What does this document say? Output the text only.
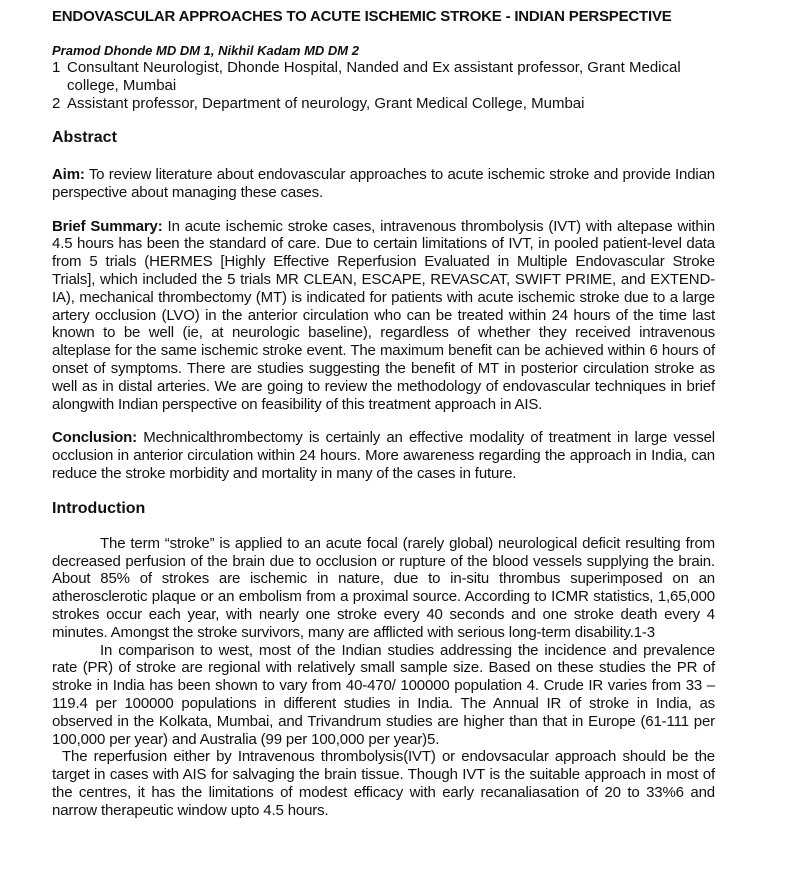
ENDOVASCULAR APPROACHES TO ACUTE ISCHEMIC STROKE - INDIAN PERSPECTIVE
Pramod Dhonde MD DM 1, Nikhil Kadam MD DM 2
1 Consultant Neurologist, Dhonde Hospital, Nanded and Ex assistant professor, Grant Medical college, Mumbai
2 Assistant professor, Department of neurology, Grant Medical College, Mumbai
Abstract

Aim: To review literature about endovascular approaches to acute ischemic stroke and provide Indian perspective about managing these cases.

Brief Summary: In acute ischemic stroke cases, intravenous thrombolysis (IVT) with altepase within 4.5 hours has been the standard of care. Due to certain limitations of IVT, in pooled patient-level data from 5 trials (HERMES [Highly Effective Reperfusion Evaluated in Multiple Endovascular Stroke Trials], which included the 5 trials MR CLEAN, ESCAPE, REVASCAT, SWIFT PRIME, and EXTEND-IA), mechanical thrombectomy (MT) is indicated for patients with acute ischemic stroke due to a large artery occlusion (LVO) in the anterior circulation who can be treated within 24 hours of the time last known to be well (ie, at neurologic baseline), regardless of whether they received intravenous alteplase for the same ischemic stroke event. The maximum benefit can be achieved within 6 hours of onset of symptoms. There are studies suggesting the benefit of MT in posterior circulation stroke as well as in distal arteries. We are going to review the methodology of endovascular techniques in brief alongwith Indian perspective on feasibility of this treatment approach in AIS.

Conclusion: Mechnicalthrombectomy is certainly an effective modality of treatment in large vessel occlusion in anterior circulation within 24 hours. More awareness regarding the approach in India, can reduce the stroke morbidity and mortality in many of the cases in future.

Introduction

The term “stroke” is applied to an acute focal (rarely global) neurological deficit resulting from decreased perfusion of the brain due to occlusion or rupture of the blood vessels supplying the brain. About 85% of strokes are ischemic in nature, due to in-situ thrombus superimposed on an atherosclerotic plaque or an embolism from a proximal source. According to ICMR statistics, 1,65,000 strokes occur each year, with nearly one stroke every 40 seconds and one stroke death every 4 minutes. Amongst the stroke survivors, many are afflicted with serious long-term disability.1-3

In comparison to west, most of the Indian studies addressing the incidence and prevalence rate (PR) of stroke are regional with relatively small sample size. Based on these studies the PR of stroke in India has been shown to vary from 40-470/ 100000 population 4. Crude IR varies from 33 –119.4 per 100000 populations in different studies in India. The Annual IR of stroke in India, as observed in the Kolkata, Mumbai, and Trivandrum studies are higher than that in Europe (61-111 per 100,000 per year) and Australia (99 per 100,000 per year)5.

The reperfusion either by Intravenous thrombolysis(IVT) or endovsacular approach should be the target in cases with AIS for salvaging the brain tissue. Though IVT is the suitable approach in most of the centres, it has the limitations of modest efficacy with early recanaliasation of 20 to 33%6 and narrow therapeutic window upto 4.5 hours.
